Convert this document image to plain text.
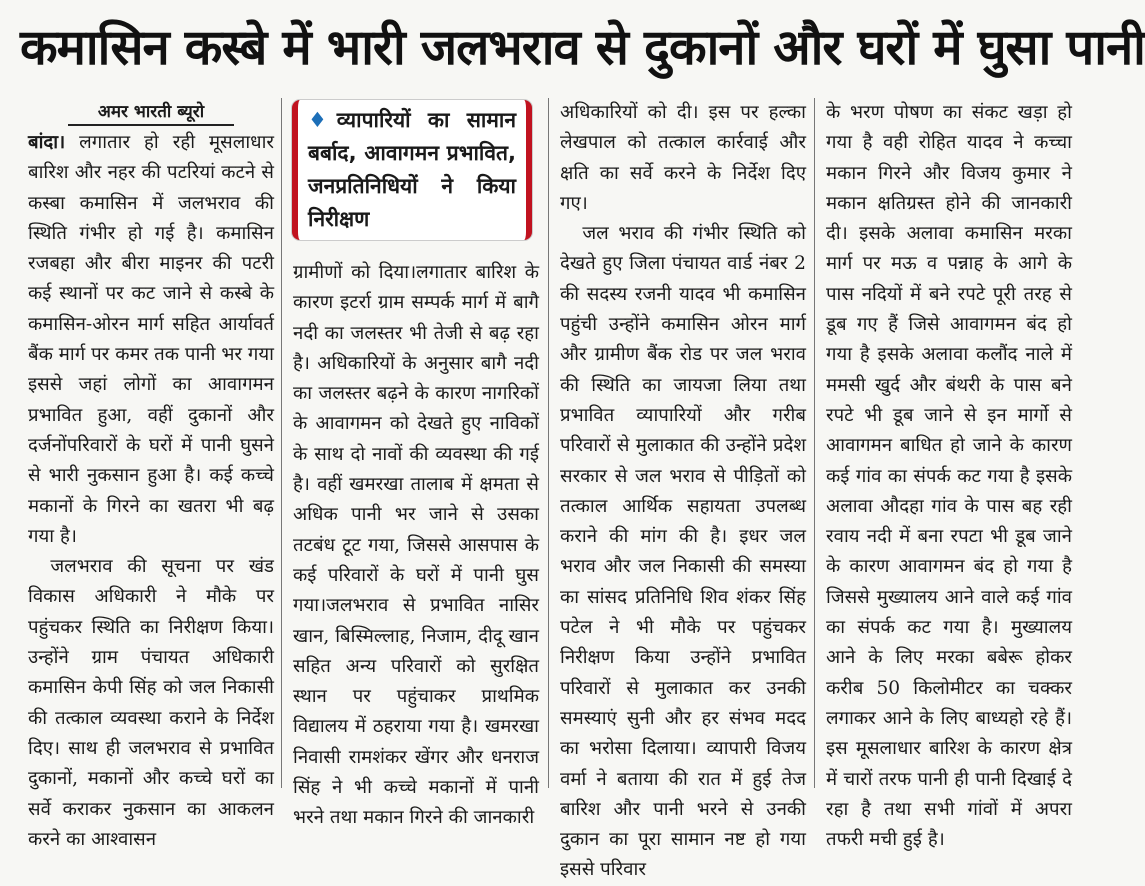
कमासिन कस्बे में भारी जलभराव से दुकानों और घरों में घुसा पानी
अमर भारती ब्यूरो

बांदा। लगातार हो रही मूसलाधार बारिश और नहर की पटरियां कटने से कस्बा कमासिन में जलभराव की स्थिति गंभीर हो गई है। कमासिन रजबहा और बीरा माइनर की पटरी कई स्थानों पर कट जाने से कस्बे के कमासिन-ओरन मार्ग सहित आर्यावर्त बैंक मार्ग पर कमर तक पानी भर गया इससे जहां लोगों का आवागमन प्रभावित हुआ, वहीं दुकानों और दर्जनोंपरिवारों के घरों में पानी घुसने से भारी नुकसान हुआ है। कई कच्चे मकानों के गिरने का खतरा भी बढ़ गया है।

जलभराव की सूचना पर खंड विकास अधिकारी ने मौके पर पहुंचकर स्थिति का निरीक्षण किया। उन्होंने ग्राम पंचायत अधिकारी कमासिन केपी सिंह को जल निकासी की तत्काल व्यवस्था कराने के निर्देश दिए। साथ ही जलभराव से प्रभावित दुकानों, मकानों और कच्चे घरों का सर्वे कराकर नुकसान का आकलन करने का आश्वासन

♦व्यापारियों का सामान बर्बाद, आवागमन प्रभावित, जनप्रतिनिधियों ने किया निरीक्षण

ग्रामीणों को दिया।लगातार बारिश के कारण इटर्रा ग्राम सम्पर्क मार्ग में बागै नदी का जलस्तर भी तेजी से बढ़ रहा है। अधिकारियों के अनुसार बागै नदी का जलस्तर बढ़ने के कारण नागरिकों के आवागमन को देखते हुए नाविकों के साथ दो नावों की व्यवस्था की गई है। वहीं खमरखा तालाब में क्षमता से अधिक पानी भर जाने से उसका तटबंध टूट गया, जिससे आसपास के कई परिवारों के घरों में पानी घुस गया।जलभराव से प्रभावित नासिर खान, बिस्मिल्लाह, निजाम, दीदू खान सहित अन्य परिवारों को सुरक्षित स्थान पर पहुंचाकर प्राथमिक विद्यालय में ठहराया गया है। खमरखा निवासी रामशंकर खेंगर और धनराज सिंह ने भी कच्चे मकानों में पानी भरने तथा मकान गिरने की जानकारी

अधिकारियों को दी। इस पर हल्का लेखपाल को तत्काल कार्रवाई और क्षति का सर्वे करने के निर्देश दिए गए।

जल भराव की गंभीर स्थिति को देखते हुए जिला पंचायत वार्ड नंबर 2 की सदस्य रजनी यादव भी कमासिन पहुंची उन्होंने कमासिन ओरन मार्ग और ग्रामीण बैंक रोड पर जल भराव की स्थिति का जायजा लिया तथा प्रभावित व्यापारियों और गरीब परिवारों से मुलाकात की उन्होंने प्रदेश सरकार से जल भराव से पीड़ितों को तत्काल आर्थिक सहायता उपलब्ध कराने की मांग की है। इधर जल भराव और जल निकासी की समस्या का सांसद प्रतिनिधि शिव शंकर सिंह पटेल ने भी मौके पर पहुंचकर निरीक्षण किया उन्होंने प्रभावित परिवारों से मुलाकात कर उनकी समस्याएं सुनी और हर संभव मदद का भरोसा दिलाया। व्यापारी विजय वर्मा ने बताया की रात में हुई तेज बारिश और पानी भरने से उनकी दुकान का पूरा सामान नष्ट हो गया इससे परिवार

के भरण पोषण का संकट खड़ा हो गया है वही रोहित यादव ने कच्चा मकान गिरने और विजय कुमार ने मकान क्षतिग्रस्त होने की जानकारी दी। इसके अलावा कमासिन मरका मार्ग पर मऊ व पन्नाह के आगे के पास नदियों में बने रपटे पूरी तरह से डूब गए हैं जिसे आवागमन बंद हो गया है इसके अलावा कलौंद नाले में ममसी खुर्द और बंथरी के पास बने रपटे भी डूब जाने से इन मार्गो से आवागमन बाधित हो जाने के कारण कई गांव का संपर्क कट गया है इसके अलावा औदहा गांव के पास बह रही रवाय नदी में बना रपटा भी डूब जाने के कारण आवागमन बंद हो गया है जिससे मुख्यालय आने वाले कई गांव का संपर्क कट गया है। मुख्यालय आने के लिए मरका बबेरू होकर करीब 50 किलोमीटर का चक्कर लगाकर आने के लिए बाध्यहो रहे हैं। इस मूसलाधार बारिश के कारण क्षेत्र में चारों तरफ पानी ही पानी दिखाई दे रहा है तथा सभी गांवों में अपरा तफरी मची हुई है।
